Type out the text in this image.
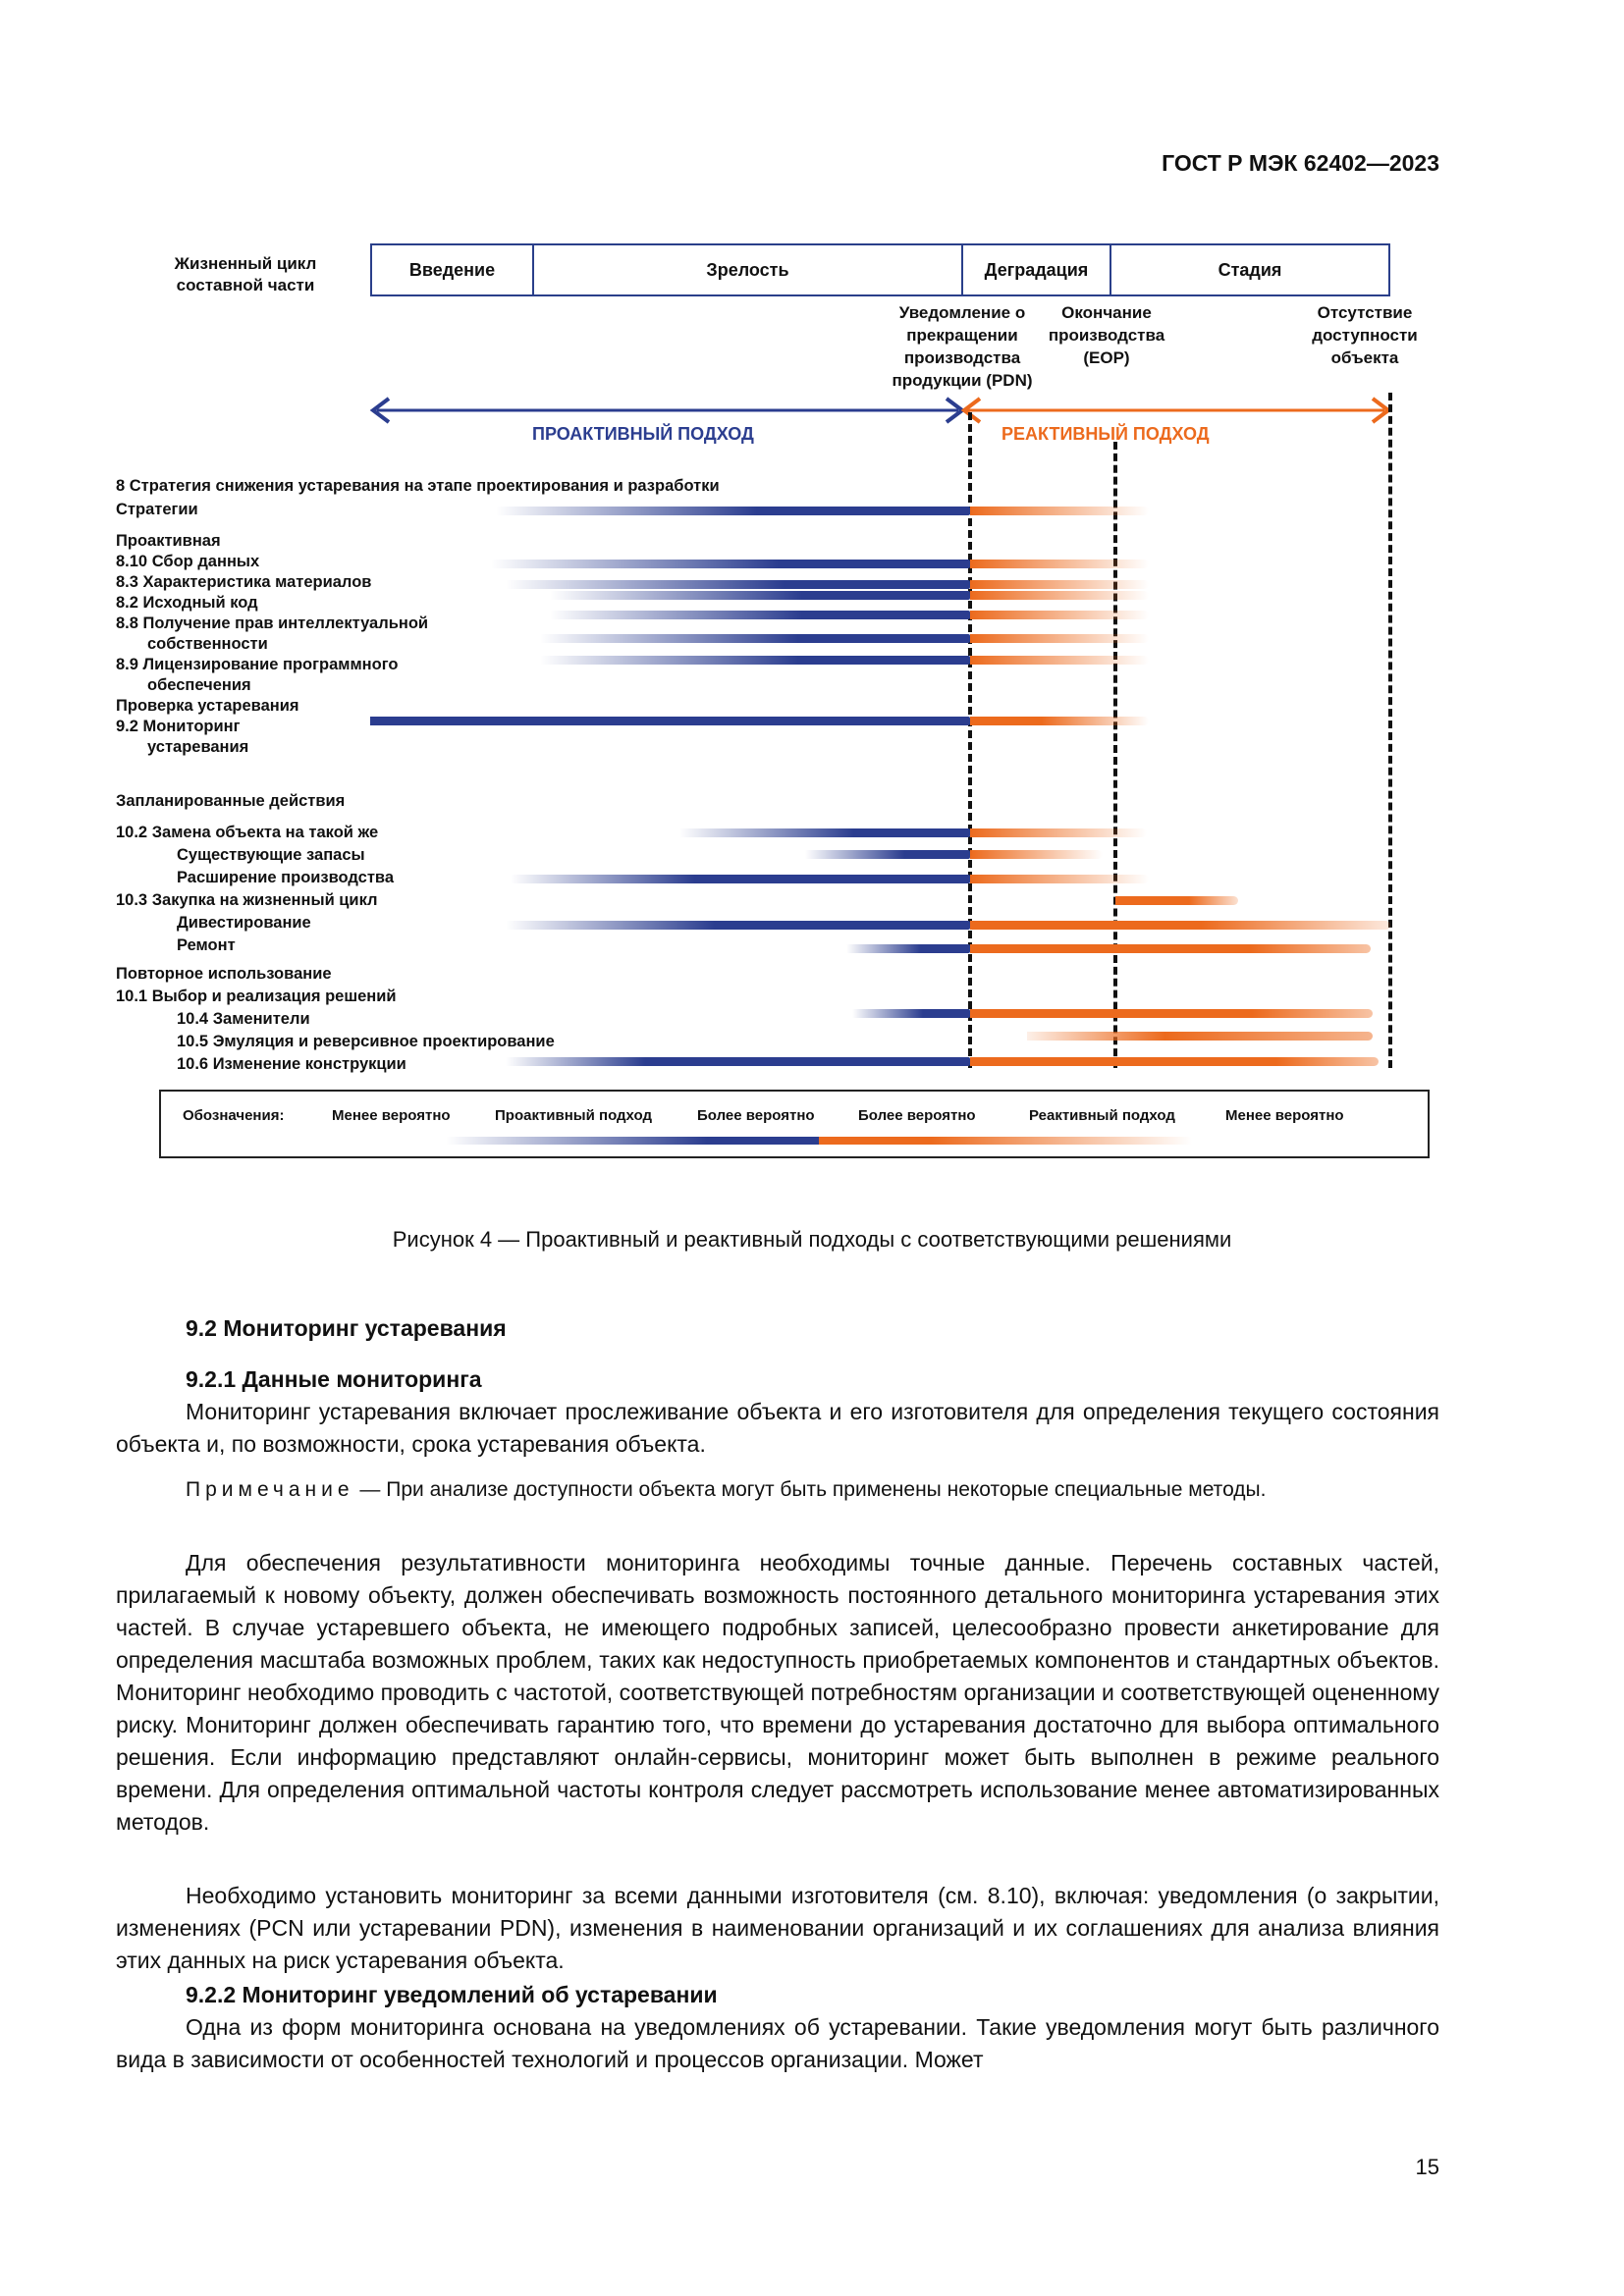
ГОСТ Р МЭК 62402—2023
Жизненный цикл составной части
Введение	Зрелость	Деградация	Стадия
Уведомление о прекращении производства продукции (PDN)
Окончание производства (EOP)
Отсутствие доступности объекта
ПРОАКТИВНЫЙ ПОДХОД	РЕАКТИВНЫЙ ПОДХОД
8 Стратегия снижения устаревания на этапе проектирования и разработки
Стратегии
Проактивная
8.10 Сбор данных
8.3 Характеристика материалов
8.2 Исходный код
8.8 Получение прав интеллектуальной
собственности
8.9 Лицензирование программного
обеспечения
Проверка устаревания
9.2 Мониторинг
устаревания
Запланированные действия
10.2 Замена объекта на такой же
Существующие запасы
Расширение производства
10.3 Закупка на жизненный цикл
Дивестирование
Ремонт
Повторное использование
10.1 Выбор и реализация решений
10.4 Заменители
10.5 Эмуляция и реверсивное проектирование
10.6 Изменение конструкции
Обозначения:	Менее вероятно	Проактивный подход	Более вероятно	Более вероятно	Реактивный подход	Менее вероятно
Рисунок 4 — Проактивный и реактивный подходы с соответствующими решениями
9.2 Мониторинг устаревания
9.2.1 Данные мониторинга
Мониторинг устаревания включает прослеживание объекта и его изготовителя для определения текущего состояния объекта и, по возможности, срока устаревания объекта.
Примечание — При анализе доступности объекта могут быть применены некоторые специальные методы.
Для обеспечения результативности мониторинга необходимы точные данные. Перечень составных частей, прилагаемый к новому объекту, должен обеспечивать возможность постоянного детального мониторинга устаревания этих частей. В случае устаревшего объекта, не имеющего подробных записей, целесообразно провести анкетирование для определения масштаба возможных проблем, таких как недоступность приобретаемых компонентов и стандартных объектов. Мониторинг необходимо проводить с частотой, соответствующей потребностям организации и соответствующей оцененному риску. Мониторинг должен обеспечивать гарантию того, что времени до устаревания достаточно для выбора оптимального решения. Если информацию представляют онлайн-сервисы, мониторинг может быть выполнен в режиме реального времени. Для определения оптимальной частоты контроля следует рассмотреть использование менее автоматизированных методов.
Необходимо установить мониторинг за всеми данными изготовителя (см. 8.10), включая: уведомления (о закрытии, изменениях (PCN или устаревании PDN), изменения в наименовании организаций и их соглашениях для анализа влияния этих данных на риск устаревания объекта.
9.2.2 Мониторинг уведомлений об устаревании
Одна из форм мониторинга основана на уведомлениях об устаревании. Такие уведомления могут быть различного вида в зависимости от особенностей технологий и процессов организации. Может
15
